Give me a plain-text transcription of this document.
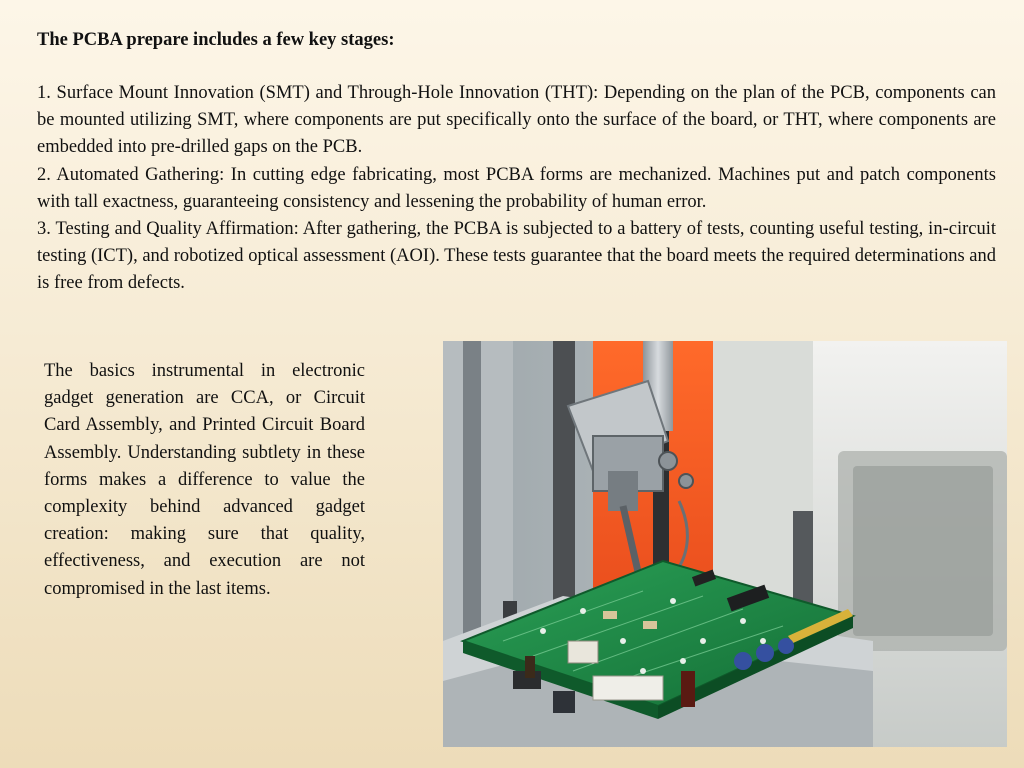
The PCBA prepare includes a few key stages:

1. Surface Mount Innovation (SMT) and Through-Hole Innovation (THT): Depending on the plan of the PCB, components can be mounted utilizing SMT, where components are put specifically onto the surface of the board, or THT, where components are embedded into pre-drilled gaps on the PCB.

2. Automated Gathering: In cutting edge fabricating, most PCBA forms are mechanized. Machines put and patch components with tall exactness, guaranteeing consistency and lessening the probability of human error.

3. Testing and Quality Affirmation: After gathering, the PCBA is subjected to a battery of tests, counting useful testing, in-circuit testing (ICT), and robotized optical assessment (AOI). These tests guarantee that the board meets the required determinations and is free from defects.

The basics instrumental in electronic gadget generation are CCA, or Circuit Card Assembly, and Printed Circuit Board Assembly. Understanding subtlety in these forms makes a difference to value the complexity behind advanced gadget creation: making sure that quality, effectiveness, and execution are not compromised in the last items.
